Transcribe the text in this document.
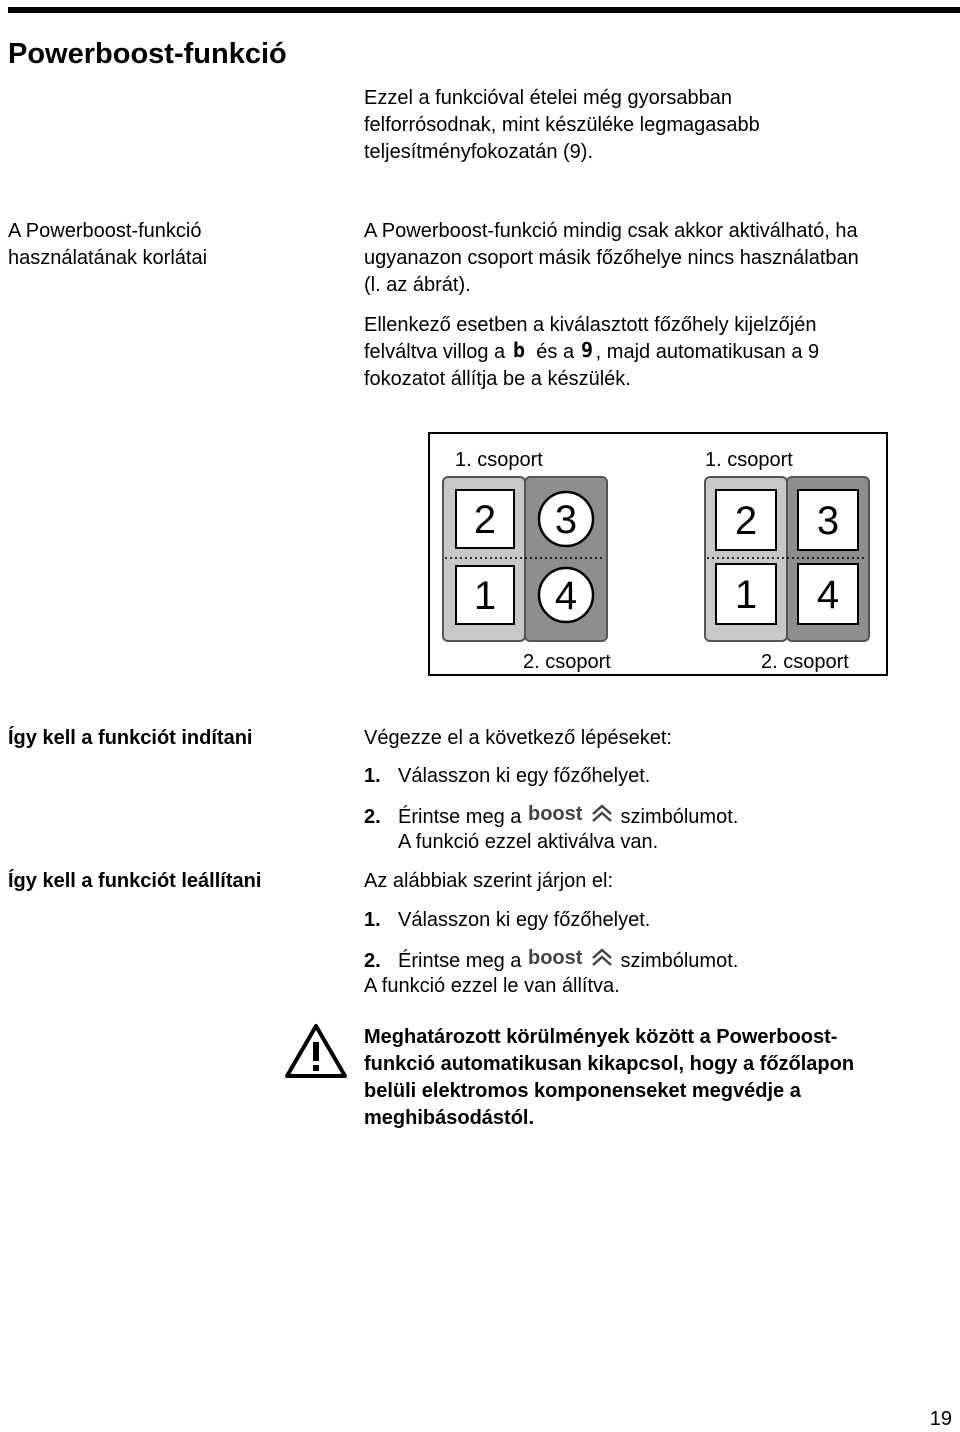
Powerboost-funkció
Ezzel a funkcióval ételei még gyorsabban
felforrósodnak, mint készüléke legmagasabb
teljesítményfokozatán (9).
A Powerboost-funkció
használatának korlátai
A Powerboost-funkció mindig csak akkor aktiválható, ha
ugyanazon csoport másik főzőhelye nincs használatban
(l. az ábrát).
Ellenkező esetben a kiválasztott főzőhely kijelzőjén
felváltva villog a b és a 9 , majd automatikusan a 9
fokozatot állítja be a készülék.
1. csoport	1. csoport
2. csoport	2. csoport
2 3
1 4
2 3
1 4
Így kell a funkciót indítani	Végezze el a következő lépéseket:
1. Válasszon ki egy főzőhelyet.
2. Érintse meg a boost szimbólumot.
A funkció ezzel aktiválva van.
Így kell a funkciót leállítani	Az alábbiak szerint járjon el:
1. Válasszon ki egy főzőhelyet.
2. Érintse meg a boost szimbólumot.
A funkció ezzel le van állítva.
Meghatározott körülmények között a Powerboost-
funkció automatikusan kikapcsol, hogy a főzőlapon
belüli elektromos komponenseket megvédje a
meghibásodástól.
19
